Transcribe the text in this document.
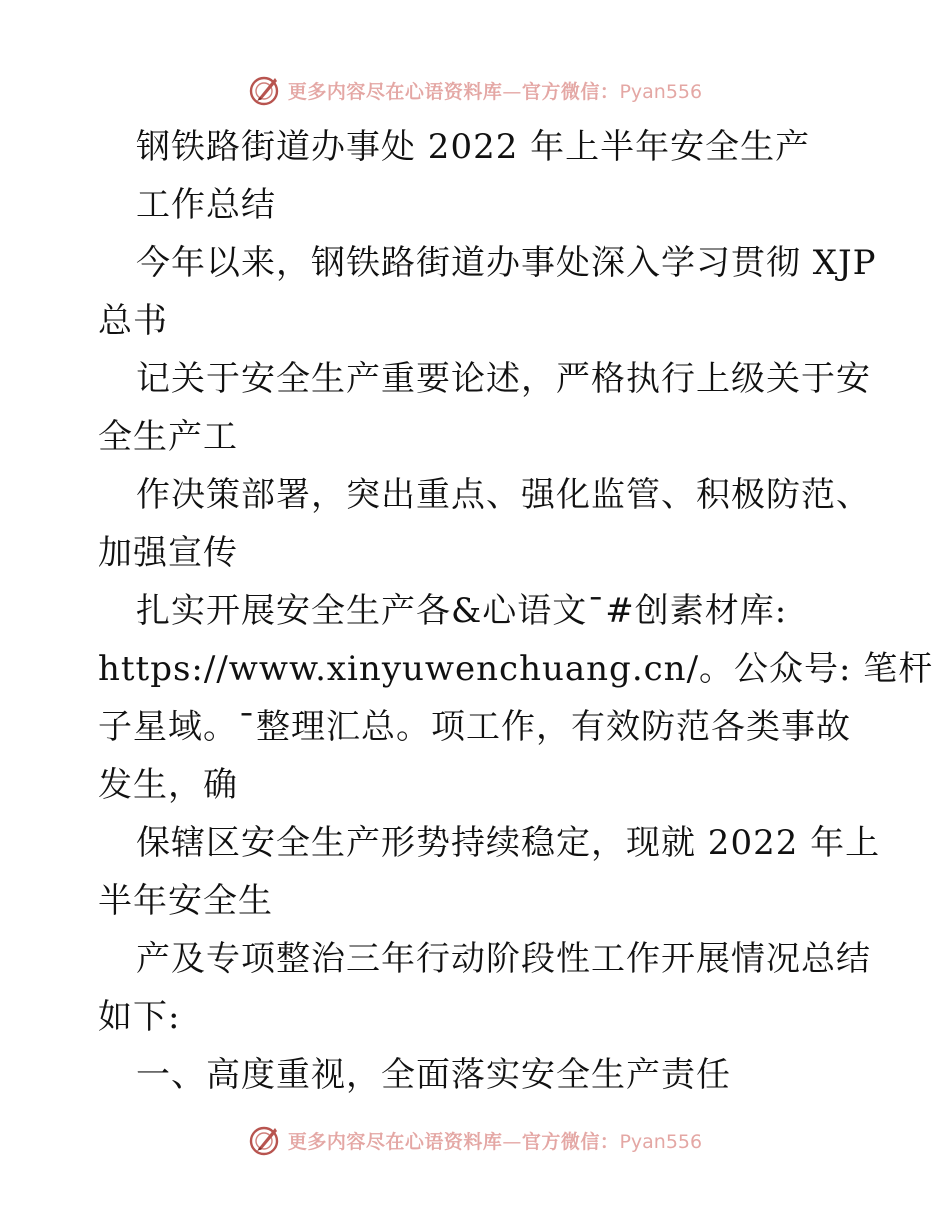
更多内容尽在心语资料库—官方微信：Pyan556
钢铁路街道办事处 2022 年上半年安全生产
工作总结
今年以来，钢铁路街道办事处深入学习贯彻 XJP
总书
记关于安全生产重要论述，严格执行上级关于安
全生产工
作决策部署，突出重点、强化监管、积极防范、
加强宣传
扎实开展安全生产各&心语文¯#创素材库:
https://www.xinyuwenchuang.cn/。公众号: 笔杆
子星域。¯整理汇总。项工作，有效防范各类事故
发生，确
保辖区安全生产形势持续稳定，现就 2022 年上
半年安全生
产及专项整治三年行动阶段性工作开展情况总结
如下:
一、高度重视，全面落实安全生产责任
更多内容尽在心语资料库—官方微信：Pyan556
